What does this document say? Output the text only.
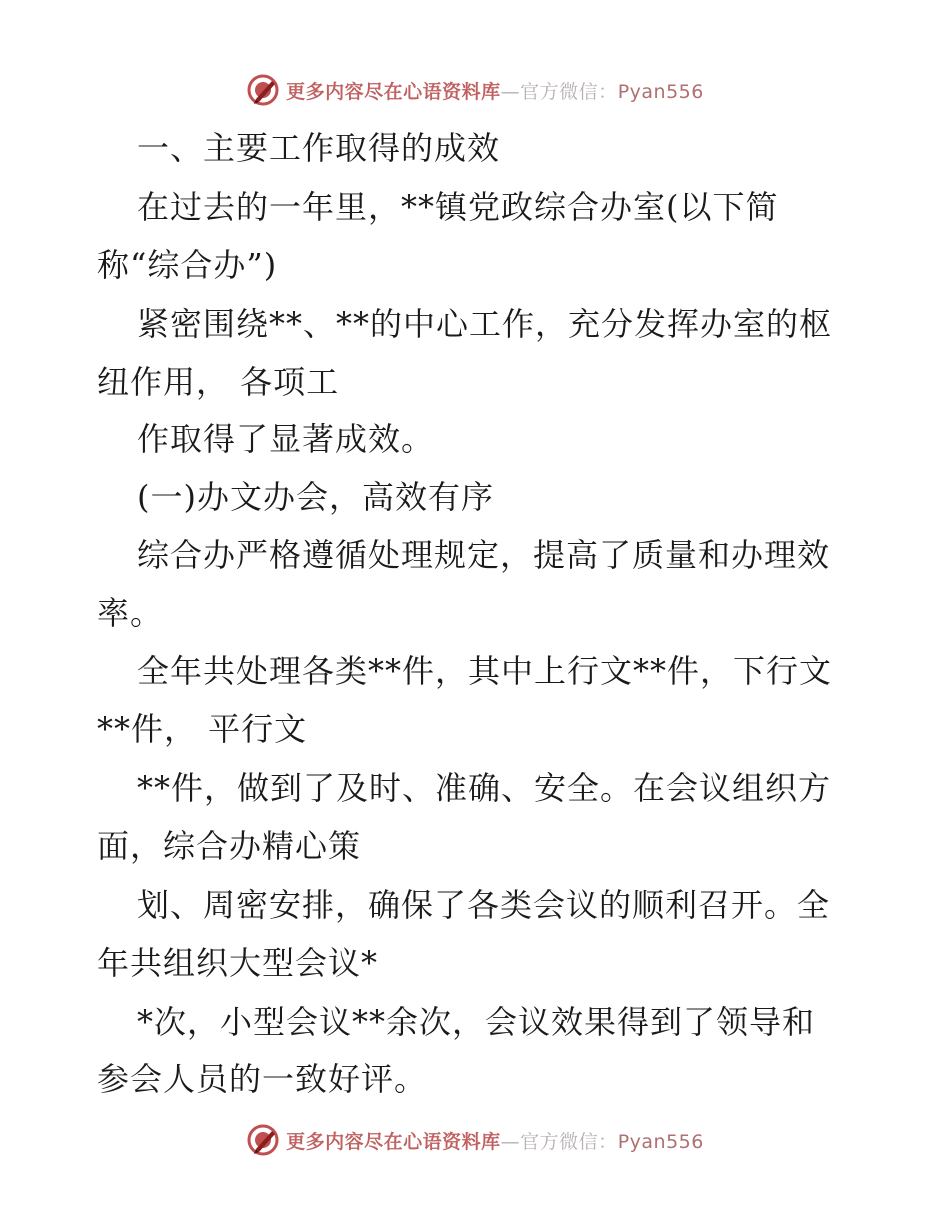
更多内容尽在心语资料库—官方微信：Pyan556
一、主要工作取得的成效
在过去的一年里，**镇党政综合办室(以下简
称“综合办”)
紧密围绕**、**的中心工作，充分发挥办室的枢
纽作用， 各项工
作取得了显著成效。
(一)办文办会，高效有序
综合办严格遵循处理规定，提高了质量和办理效
率。
全年共处理各类**件，其中上行文**件，下行文
**件， 平行文
**件，做到了及时、准确、安全。在会议组织方
面，综合办精心策
划、周密安排，确保了各类会议的顺利召开。全
年共组织大型会议*
*次，小型会议**余次，会议效果得到了领导和
参会人员的一致好评。
更多内容尽在心语资料库—官方微信：Pyan556
